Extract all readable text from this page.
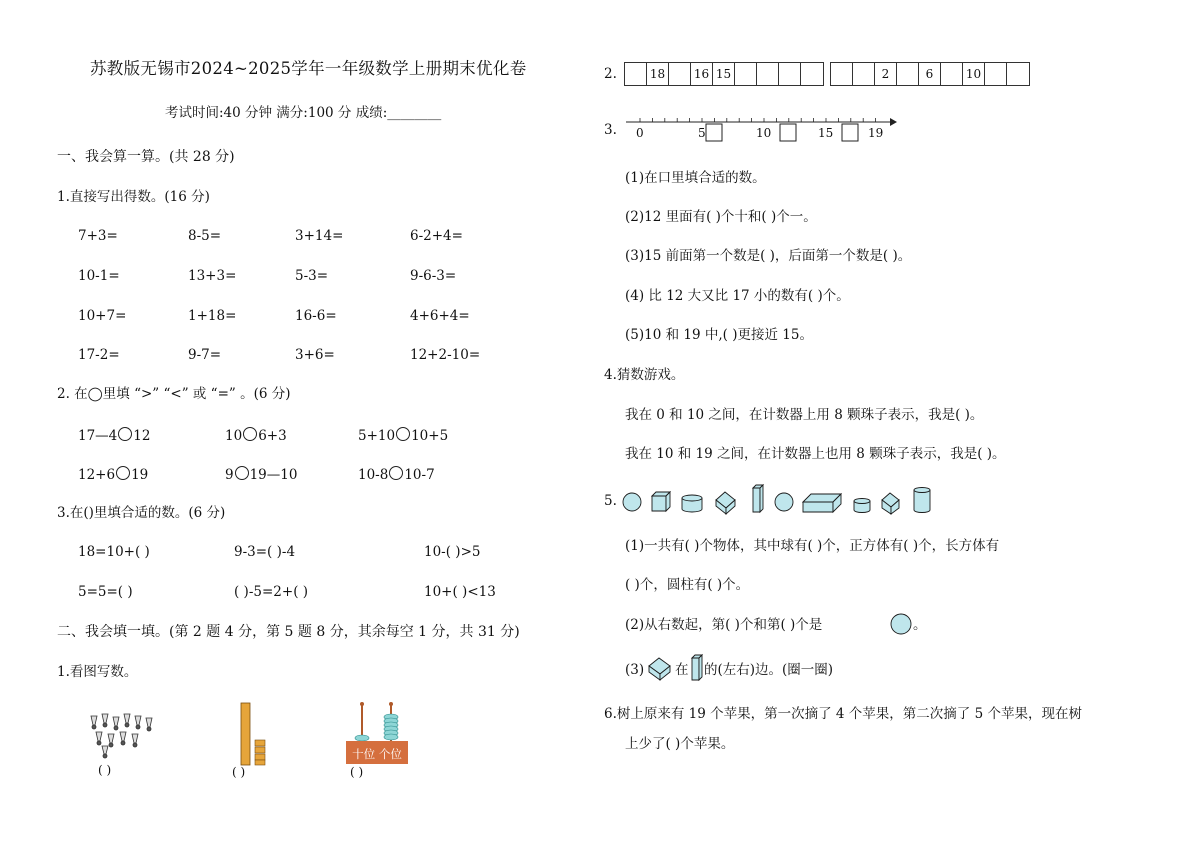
苏教版无锡市2024~2025学年一年级数学上册期末优化卷
考试时间:40 分钟 满分:100 分 成绩:________
一、我会算一算。(共 28 分)
1.直接写出得数。(16 分)
7+3=	8-5=	3+14=	6-2+4=
10-1=	13+3=	5-3=	9-6-3=
10+7=	1+18=	16-6=	4+6+4=
17-2=	9-7=	3+6=	12+2-10=
2. 在◯里填 “>” “<” 或 “=” 。(6 分)
17—4 12	10 6+3	5+10 10+5
12+6 19	9 19—10	10-8 10-7
3.在()里填合适的数。(6 分)
18=10+( )	9-3=( )-4	10-( )>5
5=5=( )	( )-5=2+( )	10+( )<13
二、我会填一填。(第 2 题 4 分，第 5 题 8 分，其余每空 1 分，共 31 分)
1.看图写数。
( )	( )
十位 个位
( )
2.	18	16 15	2	6	10
3. 0	5	10	15	19
(1)在口里填合适的数。
(2)12 里面有( )个十和( )个一。
(3)15 前面第一个数是( )，后面第一个数是( )。
(4) 比 12 大又比 17 小的数有( )个。
(5)10 和 19 中,( )更接近 15。
4.猜数游戏。
我在 0 和 10 之间，在计数器上用 8 颗珠子表示，我是( )。
我在 10 和 19 之间，在计数器上也用 8 颗珠子表示，我是( )。
5.
(1)一共有( )个物体，其中球有( )个，正方体有( )个，长方体有
( )个，圆柱有( )个。
(2)从右数起，第( )个和第( )个是	。
(3) 在 的(左右)边。(圈一圈)
6.树上原来有 19 个苹果，第一次摘了 4 个苹果，第二次摘了 5 个苹果，现在树
上少了( )个苹果。
